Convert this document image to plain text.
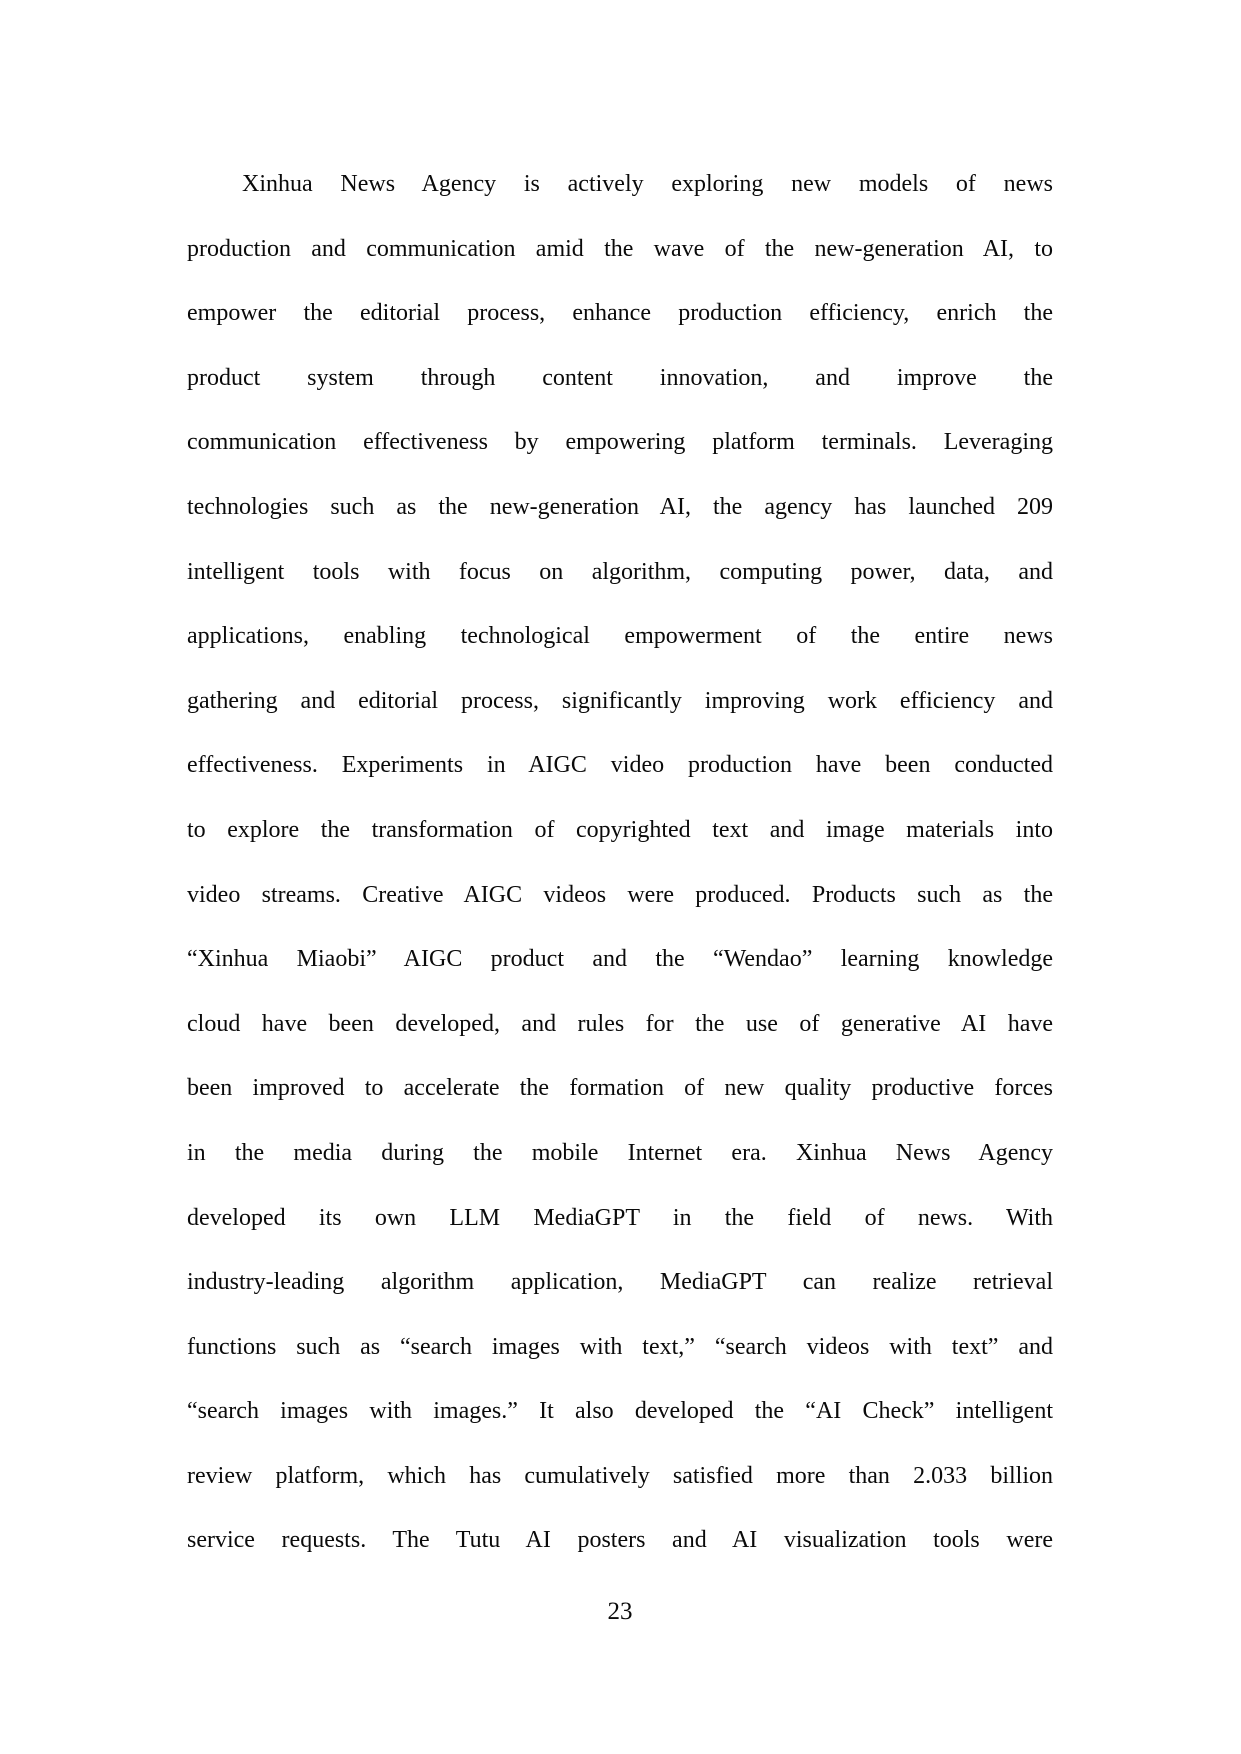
Xinhua News Agency is actively exploring new models of news
production and communication amid the wave of the new-generation AI, to
empower the editorial process, enhance production efficiency, enrich the
product system through content innovation, and improve the
communication effectiveness by empowering platform terminals. Leveraging
technologies such as the new-generation AI, the agency has launched 209
intelligent tools with focus on algorithm, computing power, data, and
applications, enabling technological empowerment of the entire news
gathering and editorial process, significantly improving work efficiency and
effectiveness. Experiments in AIGC video production have been conducted
to explore the transformation of copyrighted text and image materials into
video streams. Creative AIGC videos were produced. Products such as the
“Xinhua Miaobi” AIGC product and the “Wendao” learning knowledge
cloud have been developed, and rules for the use of generative AI have
been improved to accelerate the formation of new quality productive forces
in the media during the mobile Internet era. Xinhua News Agency
developed its own LLM MediaGPT in the field of news. With
industry-leading algorithm application, MediaGPT can realize retrieval
functions such as “search images with text,” “search videos with text” and
“search images with images.” It also developed the “AI Check” intelligent
review platform, which has cumulatively satisfied more than 2.033 billion
service requests. The Tutu AI posters and AI visualization tools were
23
